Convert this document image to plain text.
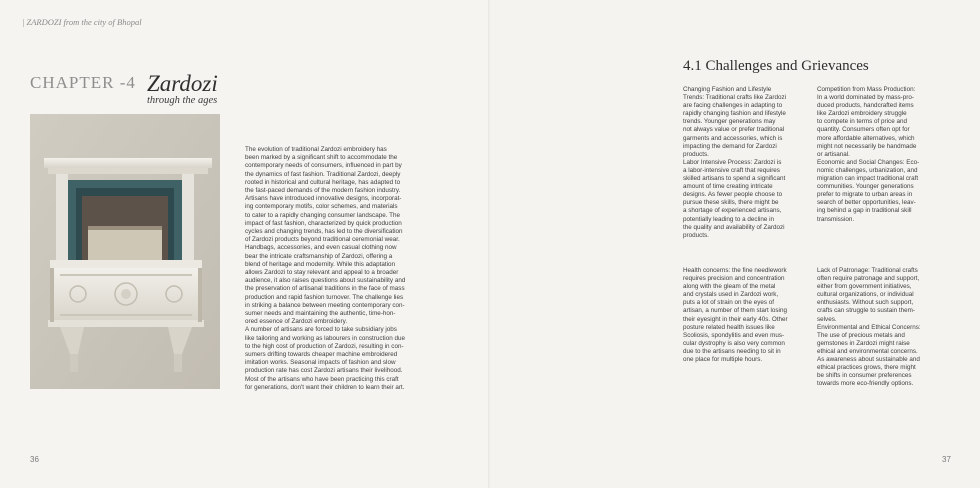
| ZARDOZI from the city of Bhopal
CHAPTER -4 Zardozi
through the ages
The evolution of traditional Zardozi embroidery has
been marked by a significant shift to accommodate the
contemporary needs of consumers, influenced in part by
the dynamics of fast fashion. Traditional Zardozi, deeply
rooted in historical and cultural heritage, has adapted to
the fast-paced demands of the modern fashion industry.
Artisans have introduced innovative designs, incorporat-
ing contemporary motifs, color schemes, and materials
to cater to a rapidly changing consumer landscape. The
impact of fast fashion, characterized by quick production
cycles and changing trends, has led to the diversification
of Zardozi products beyond traditional ceremonial wear.
Handbags, accessories, and even casual clothing now
bear the intricate craftsmanship of Zardozi, offering a
blend of heritage and modernity. While this adaptation
allows Zardozi to stay relevant and appeal to a broader
audience, it also raises questions about sustainability and
the preservation of artisanal traditions in the face of mass
production and rapid fashion turnover. The challenge lies
in striking a balance between meeting contemporary con-
sumer needs and maintaining the authentic, time-hon-
ored essence of Zardozi embroidery.
A number of artisans are forced to take subsidiary jobs
like tailoring and working as labourers in construction due
to the high cost of production of Zardozi, resulting in con-
sumers drifting towards cheaper machine embroidered
imitation works. Seasonal impacts of fashion and slow
production rate has cost Zardozi artisans their livelihood.
Most of the artisans who have been practicing this craft
for generations, don't want their children to learn their art.
36
4.1 Challenges and Grievances
Changing Fashion and Lifestyle
Trends: Traditional crafts like Zardozi
are facing challenges in adapting to
rapidly changing fashion and lifestyle
trends. Younger generations may
not always value or prefer traditional
garments and accessories, which is
impacting the demand for Zardozi
products.
Labor Intensive Process: Zardozi is
a labor-intensive craft that requires
skilled artisans to spend a significant
amount of time creating intricate
designs. As fewer people choose to
pursue these skills, there might be
a shortage of experienced artisans,
potentially leading to a decline in
the quality and availability of Zardozi
products.
Competition from Mass Production:
In a world dominated by mass-pro-
duced products, handcrafted items
like Zardozi embroidery struggle
to compete in terms of price and
quantity. Consumers often opt for
more affordable alternatives, which
might not necessarily be handmade
or artisanal.
Economic and Social Changes: Eco-
nomic challenges, urbanization, and
migration can impact traditional craft
communities. Younger generations
prefer to migrate to urban areas in
search of better opportunities, leav-
ing behind a gap in traditional skill
transmission.
Health concerns: the fine needlework
requires precision and concentration
along with the gleam of the metal
and crystals used in Zardozi work,
puts a lot of strain on the eyes of
artisan, a number of them start losing
their eyesight in their early 40s. Other
posture related health issues like
Scoliosis, spondylitis and even mus-
cular dystrophy is also very common
due to the artisans needing to sit in
one place for multiple hours.
Lack of Patronage: Traditional crafts
often require patronage and support,
either from government initiatives,
cultural organizations, or individual
enthusiasts. Without such support,
crafts can struggle to sustain them-
selves.
Environmental and Ethical Concerns:
The use of precious metals and
gemstones in Zardozi might raise
ethical and environmental concerns.
As awareness about sustainable and
ethical practices grows, there might
be shifts in consumer preferences
towards more eco-friendly options.
37
